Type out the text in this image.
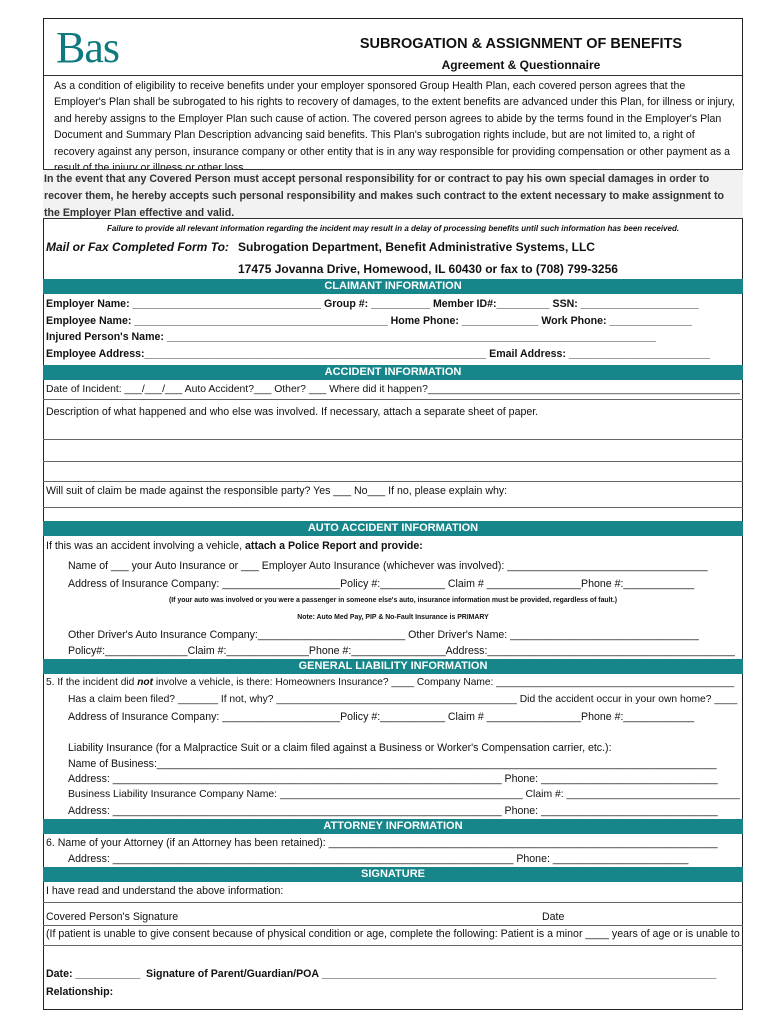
Bas	SUBROGATION & ASSIGNMENT OF BENEFITS
Agreement & Questionnaire
As a condition of eligibility to receive benefits under your employer sponsored Group Health Plan, each covered person agrees that the Employer's Plan shall be subrogated to his rights to recovery of damages, to the extent benefits are advanced under this Plan, for illness or injury, and hereby assigns to the Employer Plan such cause of action. The covered person agrees to abide by the terms found in the Employer's Plan Document and Summary Plan Description advancing said benefits. This Plan's subrogation rights include, but are not limited to, a right of recovery against any person, insurance company or other entity that is in any way responsible for providing compensation or other payment as a
In the event that any Covered Person must accept personal responsibility for or contract to pay his own special damages in order to recover them, he hereby accepts such personal responsibility and makes such contract to the extent necessary to make assignment to the Employer Plan effective and valid.
Failure to provide all relevant information regarding the incident may result in a delay of processing benefits until such information has been received.
Mail or Fax Completed Form To: Subrogation Department, Benefit Administrative Systems, LLC
17475 Jovanna Drive, Homewood, IL 60430 or fax to (708) 799-3256
CLAIMANT INFORMATION
Employer Name: ________________________________ Group #: __________ Member ID#:_________ SSN: ____________________
Employee Name: ___________________________________________ Home Phone: _____________ Work Phone: ______________
Injured Person's Name: ___________________________________________________________________________________
Employee Address:__________________________________________________________ Email Address: ________________________
ACCIDENT INFORMATION
Date of Incident: ___/___/___ Auto Accident?___ Other? ___ Where did it happen?______________________________________________________
Description of what happened and who else was involved. If necessary, attach a separate sheet of paper.
Will suit of claim be made against the responsible party? Yes ___ No___ If no, please explain why:
AUTO ACCIDENT INFORMATION
If this was an accident involving a vehicle, attach a Police Report and provide:
Name of ___ your Auto Insurance or ___ Employer Auto Insurance (whichever was involved): __________________________________
Address of Insurance Company: ____________________Policy #:___________ Claim # ________________Phone #:____________
(If your auto was involved or you were a passenger in someone else's auto, insurance information must be provided, regardless of fault.)
Note: Auto Med Pay, PIP & No-Fault Insurance is PRIMARY
Other Driver's Auto Insurance Company:_________________________ Other Driver's Name: ________________________________
Policy#:______________Claim #:______________Phone #:________________Address:__________________________________________
GENERAL LIABILITY INFORMATION
5. If the incident did not involve a vehicle, is there: Homeowners Insurance? ____ Company Name: __________________________________________
Has a claim been filed? _______ If not, why? __________________________________________ Did the accident occur in your own home? ____
Address of Insurance Company: ____________________Policy #:___________ Claim # ________________Phone #:____________
Liability Insurance (for a Malpractice Suit or a claim filed against a Business or Worker's Compensation carrier, etc.):
Name of Business:_______________________________________________________________________________________________
Address: __________________________________________________________________ Phone: ______________________________
Business Liability Insurance Company Name: __________________________________________ Claim #: ______________________________
Address: __________________________________________________________________ Phone: ______________________________
ATTORNEY INFORMATION
6. Name of your Attorney (if an Attorney has been retained): __________________________________________________________________
Address: ____________________________________________________________________ Phone: _______________________
SIGNATURE
I have read and understand the above information:
Covered Person's Signature	Date
(If patient is unable to give consent because of physical condition or age, complete the following: Patient is a minor ____ years of age or is unable to
Date: ___________ Signature of Parent/Guardian/POA ___________________________________________________________________
Relationship:
